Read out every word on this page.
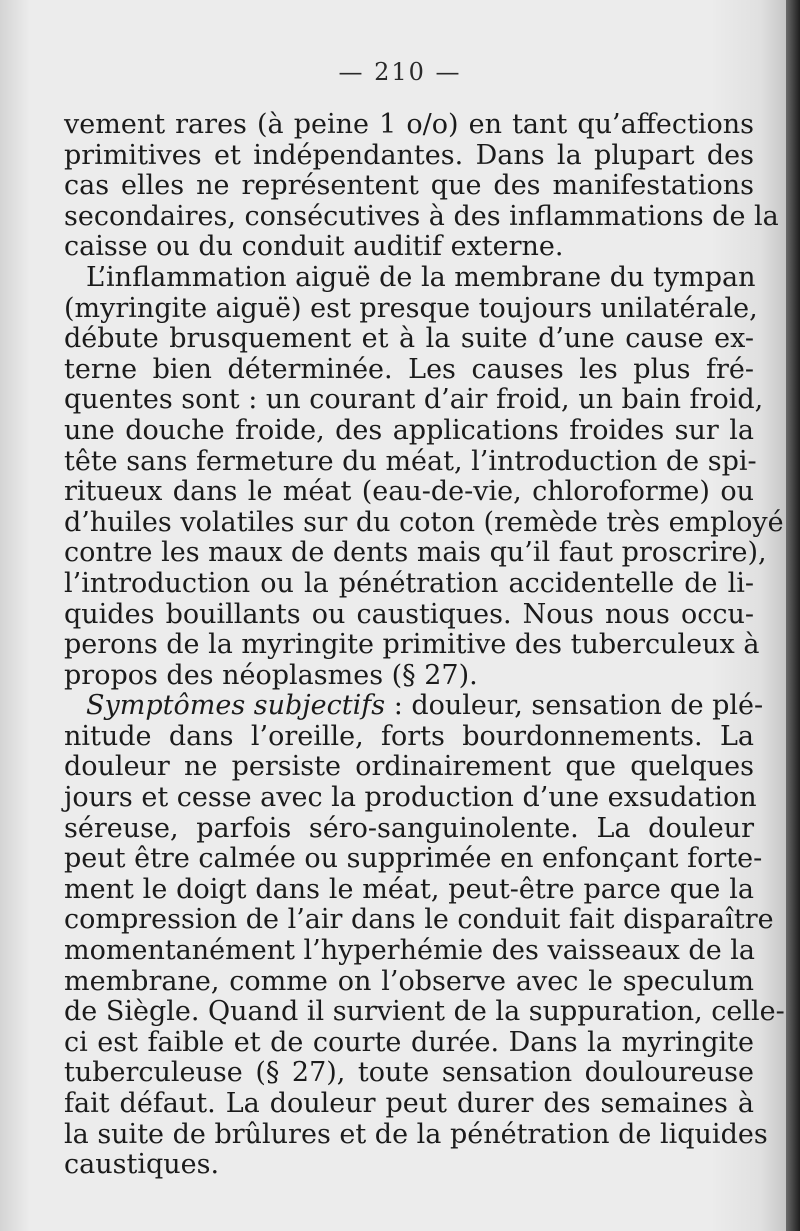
— 210 —
vement rares (à peine 1 o/o) en tant qu’affections
primitives et indépendantes. Dans la plupart des
cas elles ne représentent que des manifestations
secondaires, consécutives à des inflammations de la
caisse ou du conduit auditif externe.
L’inflammation aiguë de la membrane du tympan
(myringite aiguë) est presque toujours unilatérale,
débute brusquement et à la suite d’une cause ex-
terne bien déterminée. Les causes les plus fré-
quentes sont : un courant d’air froid, un bain froid,
une douche froide, des applications froides sur la
tête sans fermeture du méat, l’introduction de spi-
ritueux dans le méat (eau-de-vie, chloroforme) ou
d’huiles volatiles sur du coton (remède très employé
contre les maux de dents mais qu’il faut proscrire),
l’introduction ou la pénétration accidentelle de li-
quides bouillants ou caustiques. Nous nous occu-
perons de la myringite primitive des tuberculeux à
propos des néoplasmes (§ 27).
Symptômes subjectifs : douleur, sensation de plé-
nitude dans l’oreille, forts bourdonnements. La
douleur ne persiste ordinairement que quelques
jours et cesse avec la production d’une exsudation
séreuse, parfois séro-sanguinolente. La douleur
peut être calmée ou supprimée en enfonçant forte-
ment le doigt dans le méat, peut-être parce que la
compression de l’air dans le conduit fait disparaître
momentanément l’hyperhémie des vaisseaux de la
membrane, comme on l’observe avec le speculum
de Siègle. Quand il survient de la suppuration, celle-
ci est faible et de courte durée. Dans la myringite
tuberculeuse (§ 27), toute sensation douloureuse
fait défaut. La douleur peut durer des semaines à
la suite de brûlures et de la pénétration de liquides
caustiques.
